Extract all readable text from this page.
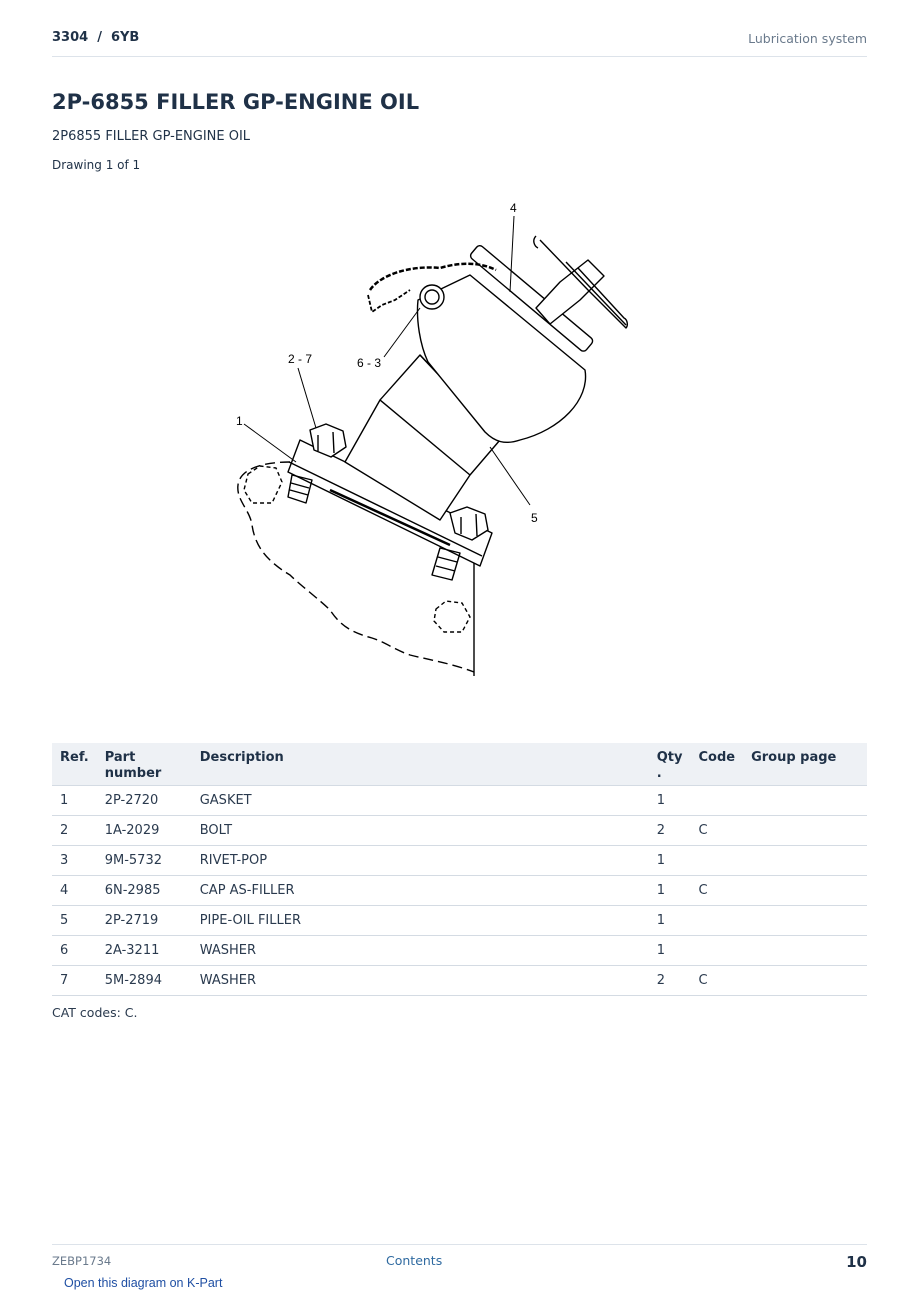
3304 / 6YB	Lubrication system
2P-6855 FILLER GP-ENGINE OIL
2P6855 FILLER GP-ENGINE OIL
Drawing 1 of 1
4
2 - 7	6 - 3
1
5
Ref.	Part number	Description	Qty .	Code	Group page
1	2P-2720	GASKET	1		
2	1A-2029	BOLT	2	C	
3	9M-5732	RIVET-POP	1		
4	6N-2985	CAP AS-FILLER	1	C	
5	2P-2719	PIPE-OIL FILLER	1		
6	2A-3211	WASHER	1		
7	5M-2894	WASHER	2	C	
CAT codes: C.
ZEBP1734	Contents	10
Open this diagram on K-Part
